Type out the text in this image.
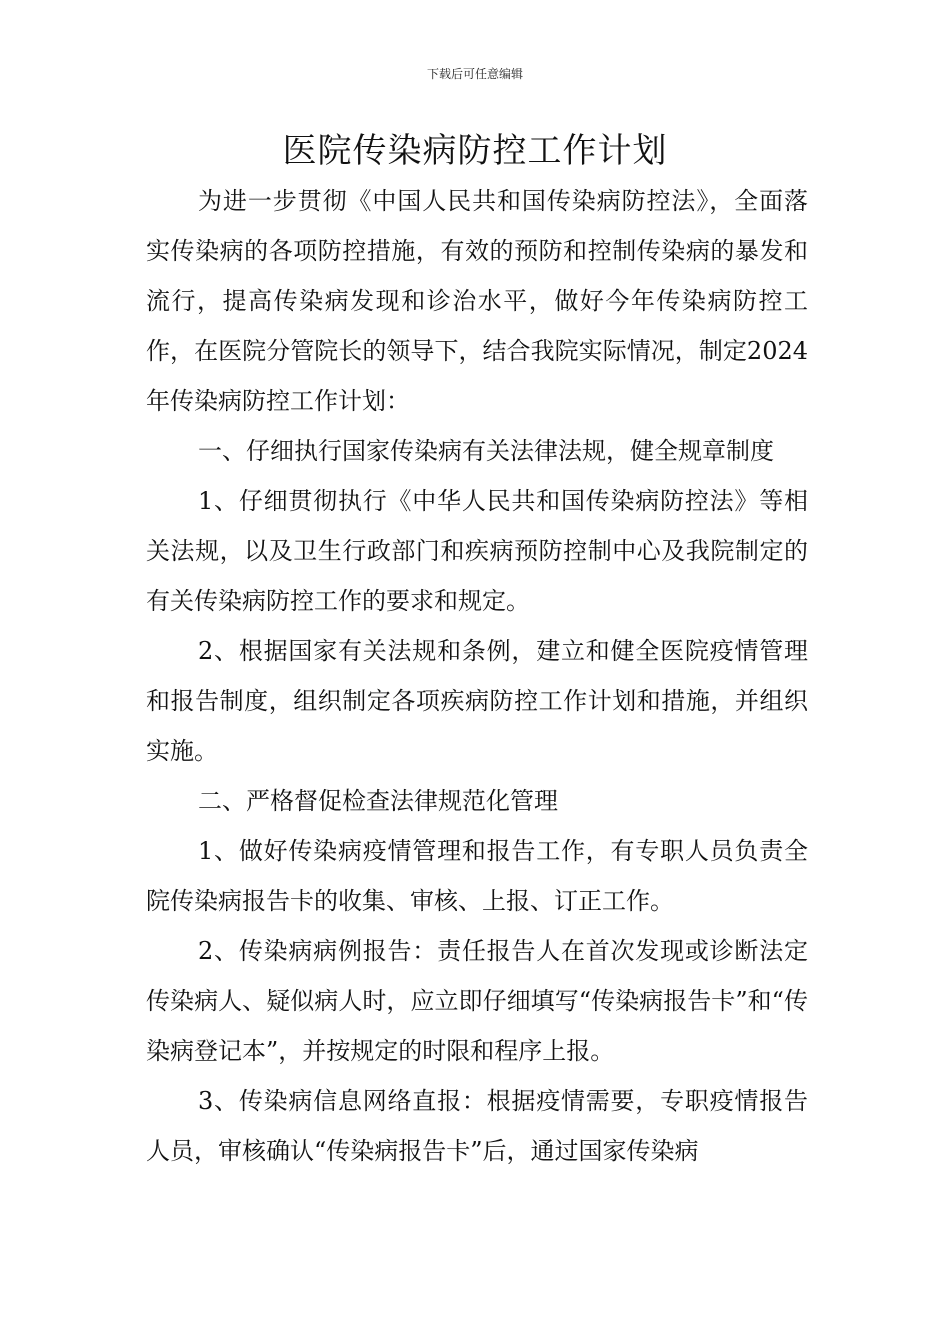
下载后可任意编辑
医院传染病防控工作计划

为进一步贯彻《中国人民共和国传染病防控法》，全面落实传染病的各项防控措施，有效的预防和控制传染病的暴发和流行，提高传染病发现和诊治水平，做好今年传染病防控工作，在医院分管院长的领导下，结合我院实际情况，制定2024年传染病防控工作计划：

一、仔细执行国家传染病有关法律法规，健全规章制度

1、仔细贯彻执行《中华人民共和国传染病防控法》等相关法规，以及卫生行政部门和疾病预防控制中心及我院制定的有关传染病防控工作的要求和规定。

2、根据国家有关法规和条例，建立和健全医院疫情管理和报告制度，组织制定各项疾病防控工作计划和措施，并组织实施。

二、严格督促检查法律规范化管理

1、做好传染病疫情管理和报告工作，有专职人员负责全院传染病报告卡的收集、审核、上报、订正工作。

2、传染病病例报告：责任报告人在首次发现或诊断法定传染病人、疑似病人时，应立即仔细填写“传染病报告卡”和“传染病登记本”，并按规定的时限和程序上报。

3、传染病信息网络直报：根据疫情需要，专职疫情报告人员，审核确认“传染病报告卡”后，通过国家传染病
